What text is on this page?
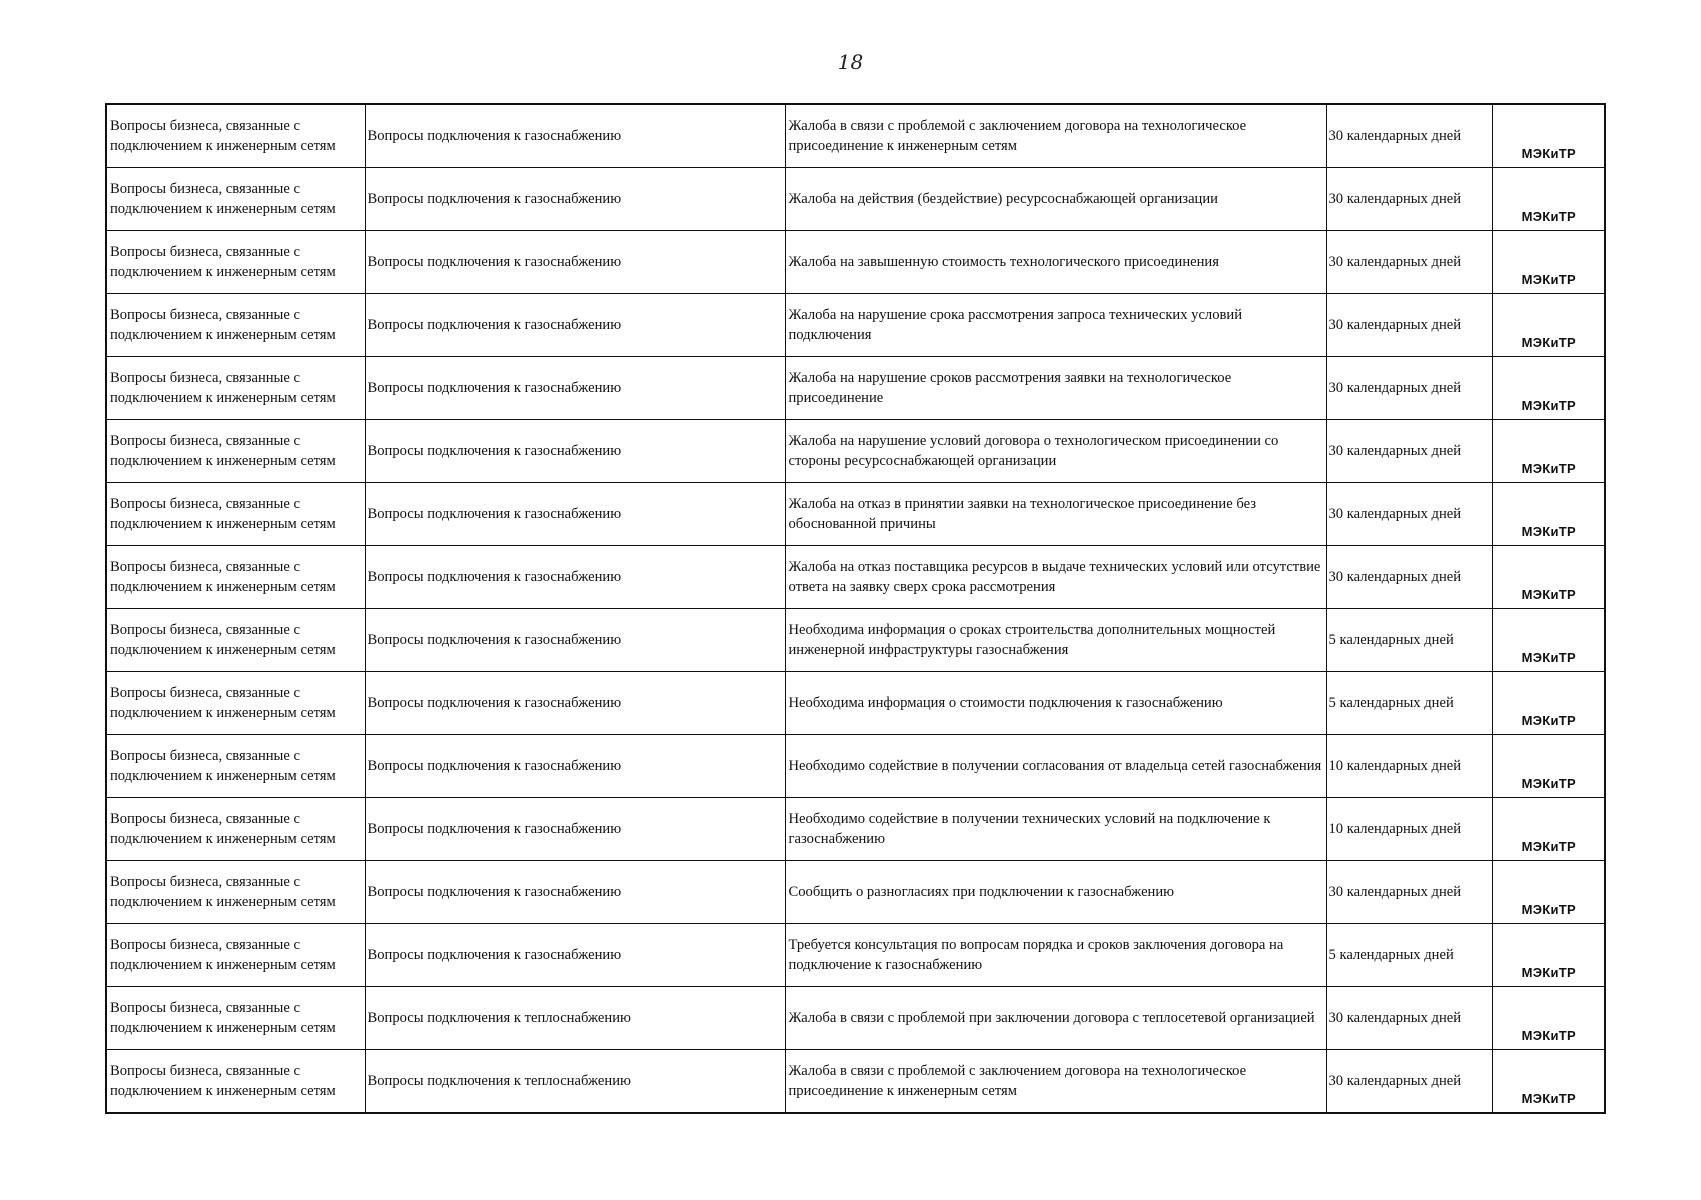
18
Вопросы бизнеса, связанные с подключением к инженерным сетям	Вопросы подключения к газоснабжению	Жалоба в связи с проблемой с заключением договора на технологическое присоединение к инженерным сетям	30 календарных дней	МЭКиТР
Вопросы бизнеса, связанные с подключением к инженерным сетям	Вопросы подключения к газоснабжению	Жалоба на действия (бездействие) ресурсоснабжающей организации	30 календарных дней	МЭКиТР
Вопросы бизнеса, связанные с подключением к инженерным сетям	Вопросы подключения к газоснабжению	Жалоба на завышенную стоимость технологического присоединения	30 календарных дней	МЭКиТР
Вопросы бизнеса, связанные с подключением к инженерным сетям	Вопросы подключения к газоснабжению	Жалоба на нарушение срока рассмотрения запроса технических условий подключения	30 календарных дней	МЭКиТР
Вопросы бизнеса, связанные с подключением к инженерным сетям	Вопросы подключения к газоснабжению	Жалоба на нарушение сроков рассмотрения заявки на технологическое присоединение	30 календарных дней	МЭКиТР
Вопросы бизнеса, связанные с подключением к инженерным сетям	Вопросы подключения к газоснабжению	Жалоба на нарушение условий договора о технологическом присоединении со стороны ресурсоснабжающей организации	30 календарных дней	МЭКиТР
Вопросы бизнеса, связанные с подключением к инженерным сетям	Вопросы подключения к газоснабжению	Жалоба на отказ в принятии заявки на технологическое присоединение без обоснованной причины	30 календарных дней	МЭКиТР
Вопросы бизнеса, связанные с подключением к инженерным сетям	Вопросы подключения к газоснабжению	Жалоба на отказ поставщика ресурсов в выдаче технических условий или отсутствие ответа на заявку сверх срока рассмотрения	30 календарных дней	МЭКиТР
Вопросы бизнеса, связанные с подключением к инженерным сетям	Вопросы подключения к газоснабжению	Необходима информация о сроках строительства дополнительных мощностей инженерной инфраструктуры газоснабжения	5 календарных дней	МЭКиТР
Вопросы бизнеса, связанные с подключением к инженерным сетям	Вопросы подключения к газоснабжению	Необходима информация о стоимости подключения к газоснабжению	5 календарных дней	МЭКиТР
Вопросы бизнеса, связанные с подключением к инженерным сетям	Вопросы подключения к газоснабжению	Необходимо содействие в получении согласования от владельца сетей газоснабжения	10 календарных дней	МЭКиТР
Вопросы бизнеса, связанные с подключением к инженерным сетям	Вопросы подключения к газоснабжению	Необходимо содействие в получении технических условий на подключение к газоснабжению	10 календарных дней	МЭКиТР
Вопросы бизнеса, связанные с подключением к инженерным сетям	Вопросы подключения к газоснабжению	Сообщить о разногласиях при подключении к газоснабжению	30 календарных дней	МЭКиТР
Вопросы бизнеса, связанные с подключением к инженерным сетям	Вопросы подключения к газоснабжению	Требуется консультация по вопросам порядка и сроков заключения договора на подключение к газоснабжению	5 календарных дней	МЭКиТР
Вопросы бизнеса, связанные с подключением к инженерным сетям	Вопросы подключения к теплоснабжению	Жалоба в связи с проблемой при заключении договора с теплосетевой организацией	30 календарных дней	МЭКиТР
Вопросы бизнеса, связанные с подключением к инженерным сетям	Вопросы подключения к теплоснабжению	Жалоба в связи с проблемой с заключением договора на технологическое присоединение к инженерным сетям	30 календарных дней	МЭКиТР
